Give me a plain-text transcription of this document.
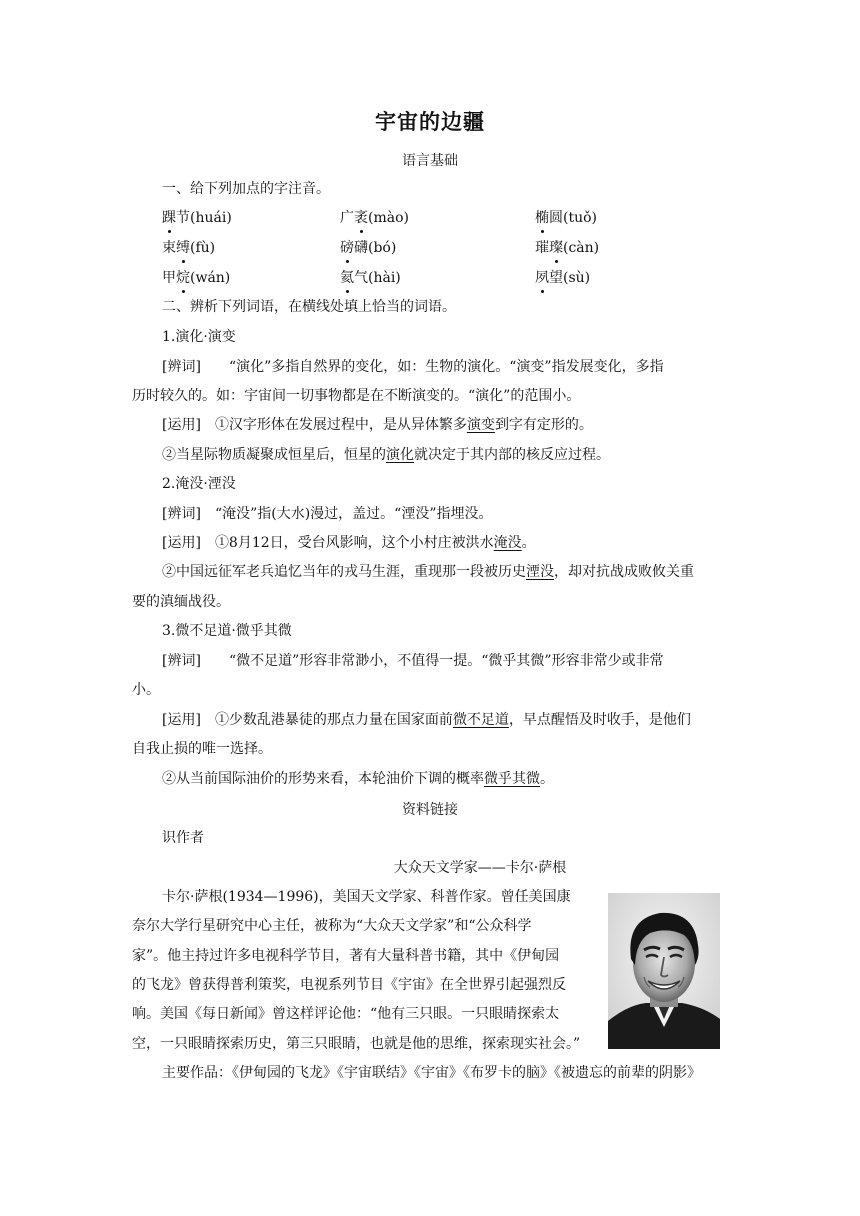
宇宙的边疆
语言基础
一、给下列加点的字注音。
踝节(huái)	广袤(mào)	椭圆(tuǒ)
束缚(fù)	磅礴(bó)	璀璨(càn)
甲烷(wán)	氦气(hài)	夙望(sù)
二、辨析下列词语，在横线处填上恰当的词语。
1.演化·演变
[辨词] “演化”多指自然界的变化，如：生物的演化。“演变”指发展变化，多指
历时较久的。如：宇宙间一切事物都是在不断演变的。“演化”的范围小。
[运用] ①汉字形体在发展过程中，是从异体繁多演变到字有定形的。
②当星际物质凝聚成恒星后，恒星的演化就决定于其内部的核反应过程。
2.淹没·湮没
[辨词] “淹没”指(大水)漫过，盖过。“湮没”指埋没。
[运用] ①8月12日，受台风影响，这个小村庄被洪水淹没。
②中国远征军老兵追忆当年的戎马生涯，重现那一段被历史湮没，却对抗战成败攸关重
要的滇缅战役。
3.微不足道·微乎其微
[辨词] “微不足道”形容非常渺小，不值得一提。“微乎其微”形容非常少或非常
小。
[运用] ①少数乱港暴徒的那点力量在国家面前微不足道，早点醒悟及时收手，是他们
自我止损的唯一选择。
②从当前国际油价的形势来看，本轮油价下调的概率微乎其微。
资料链接
识作者
大众天文学家——卡尔·萨根
卡尔·萨根(1934—1996)，美国天文学家、科普作家。曾任美国康
奈尔大学行星研究中心主任，被称为“大众天文学家”和“公众科学
家”。他主持过许多电视科学节目，著有大量科普书籍，其中《伊甸园
的飞龙》曾获得普利策奖，电视系列节目《宇宙》在全世界引起强烈反
响。美国《每日新闻》曾这样评论他：“他有三只眼。一只眼睛探索太
空，一只眼睛探索历史，第三只眼睛，也就是他的思维，探索现实社会。”
主要作品：《伊甸园的飞龙》《宇宙联结》《宇宙》《布罗卡的脑》《被遗忘的前辈的阴影》
